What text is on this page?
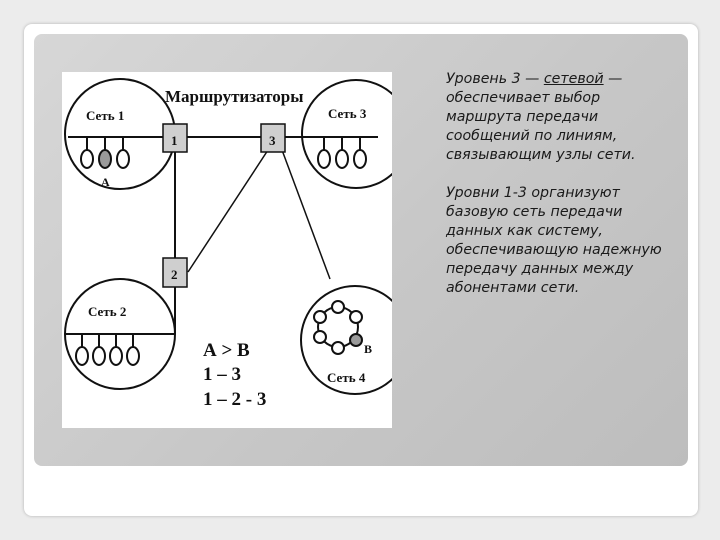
Маршрутизаторы
1	3
2
Сеть 1
А
Сеть 3
Сеть 2
Сеть 4
В
А > В
1 – 3
1 – 2 - 3

Уровень 3 — сетевой — обеспечивает выбор маршрута передачи сообщений по линиям, связывающим узлы сети.

Уровни 1-3 организуют базовую сеть передачи данных как систему, обеспечивающую надежную передачу данных между абонентами сети.
